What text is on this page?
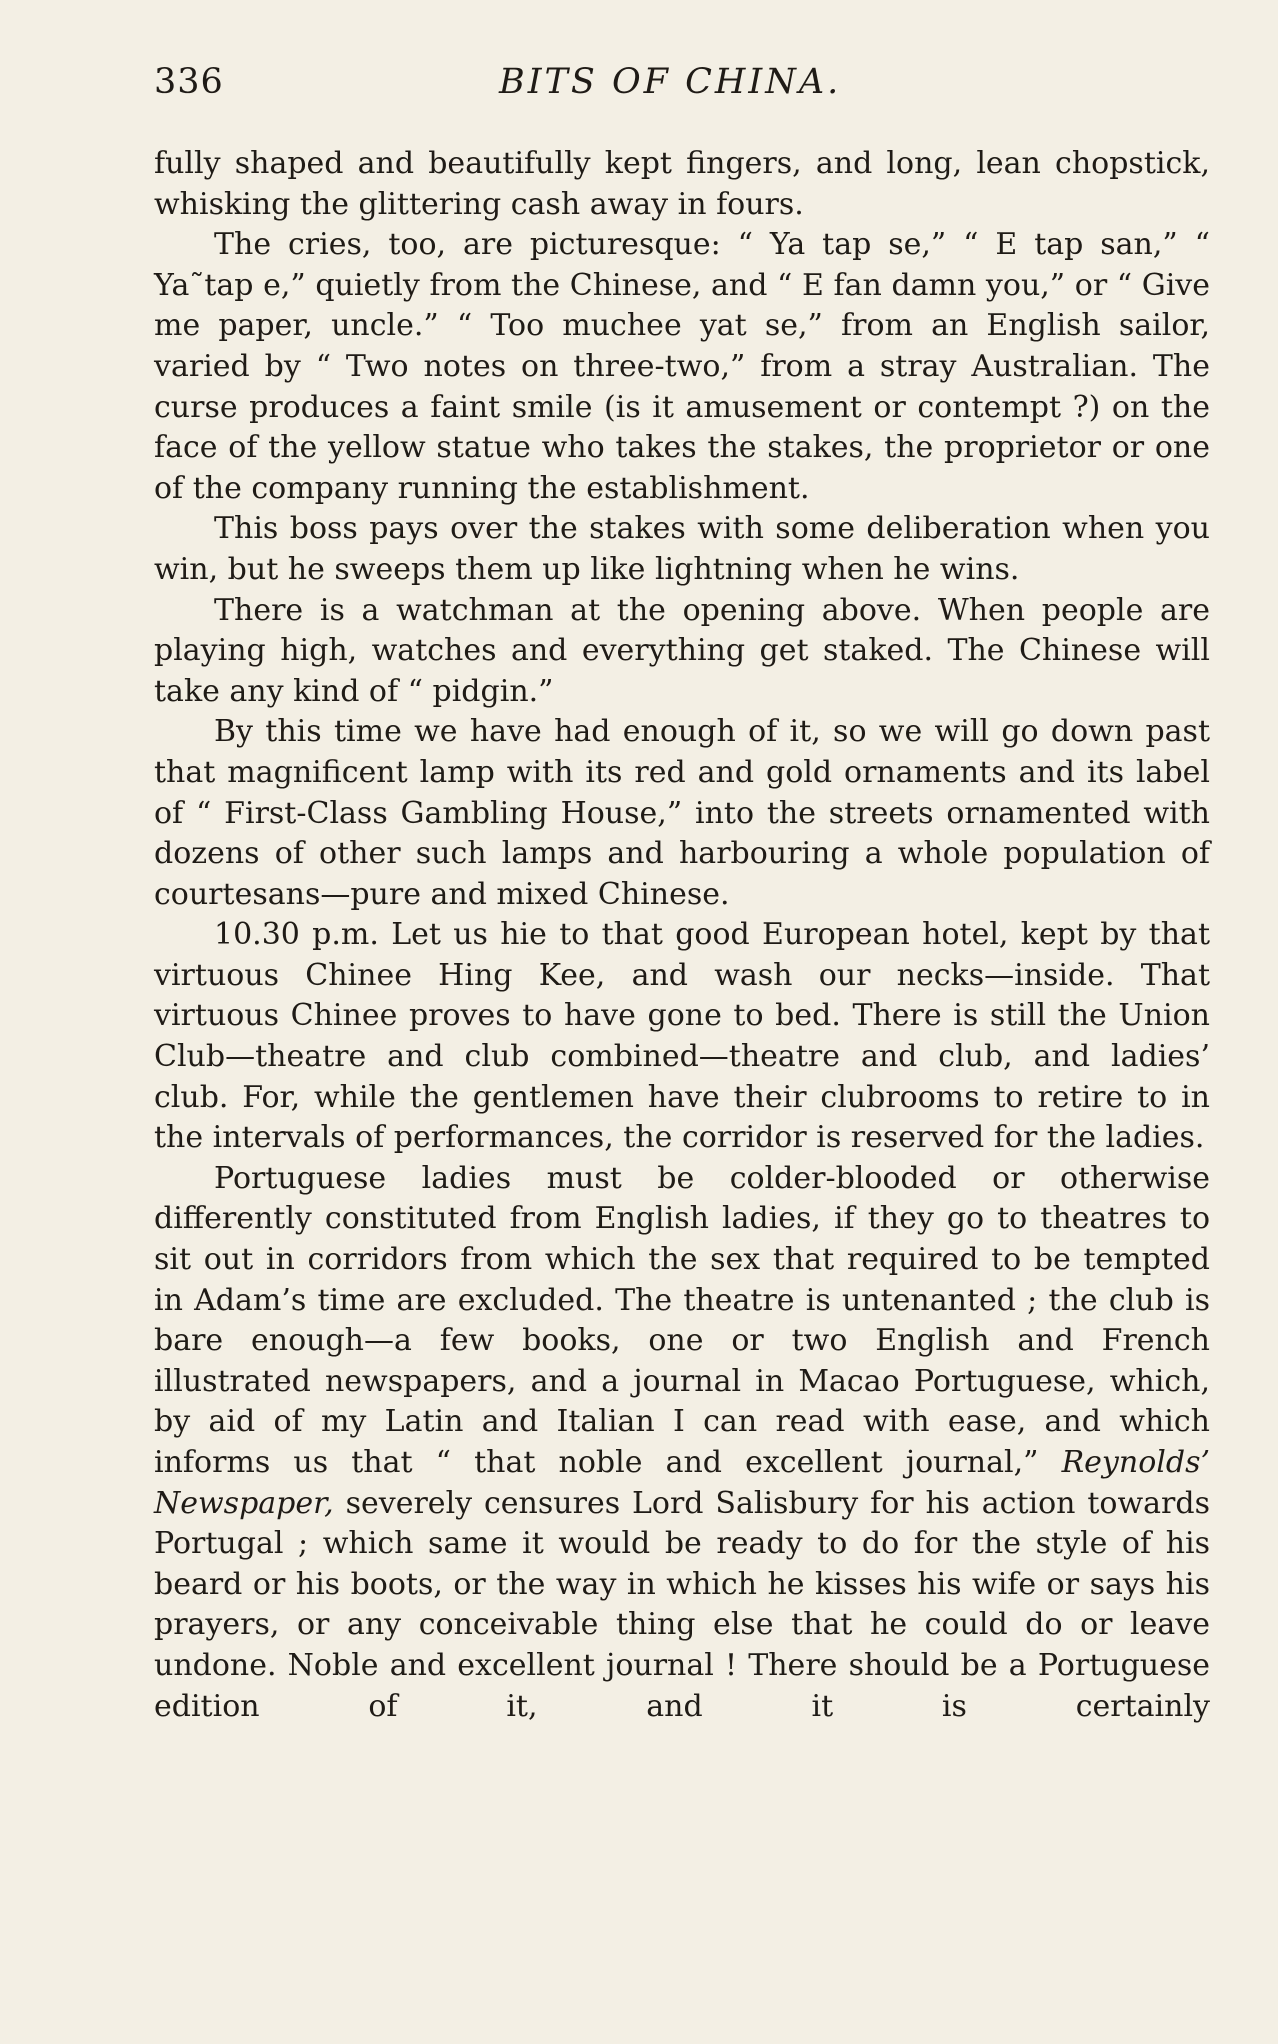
336	BITS OF CHINA.

fully shaped and beautifully kept fingers, and long, lean chopstick, whisking the glittering cash away in fours.

The cries, too, are picturesque: “ Ya tap se,” “ E tap san,” “ Ya˜tap e,” quietly from the Chinese, and “ E fan damn you,” or “ Give me paper, uncle.” “ Too muchee yat se,” from an English sailor, varied by “ Two notes on three-two,” from a stray Australian. The curse produces a faint smile (is it amusement or contempt ?) on the face of the yellow statue who takes the stakes, the proprietor or one of the company running the establishment.

This boss pays over the stakes with some deliberation when you win, but he sweeps them up like lightning when he wins.

There is a watchman at the opening above. When people are playing high, watches and everything get staked. The Chinese will take any kind of “ pidgin.”

By this time we have had enough of it, so we will go down past that magnificent lamp with its red and gold ornaments and its label of “ First-Class Gambling House,” into the streets ornamented with dozens of other such lamps and harbouring a whole population of courtesans—pure and mixed Chinese.

10.30 p.m. Let us hie to that good European hotel, kept by that virtuous Chinee Hing Kee, and wash our necks—inside. That virtuous Chinee proves to have gone to bed. There is still the Union Club—theatre and club combined—theatre and club, and ladies’ club. For, while the gentlemen have their clubrooms to retire to in the intervals of performances, the corridor is reserved for the ladies.

Portuguese ladies must be colder-blooded or otherwise differently constituted from English ladies, if they go to theatres to sit out in corridors from which the sex that required to be tempted in Adam’s time are excluded. The theatre is untenanted ; the club is bare enough—a few books, one or two English and French illustrated newspapers, and a journal in Macao Portuguese, which, by aid of my Latin and Italian I can read with ease, and which informs us that “ that noble and excellent journal,” Reynolds’ Newspaper, severely censures Lord Salisbury for his action towards Portugal ; which same it would be ready to do for the style of his beard or his boots, or the way in which he kisses his wife or says his prayers, or any conceivable thing else that he could do or leave undone. Noble and excellent journal ! There should be a Portuguese edition of it, and it is certainly
